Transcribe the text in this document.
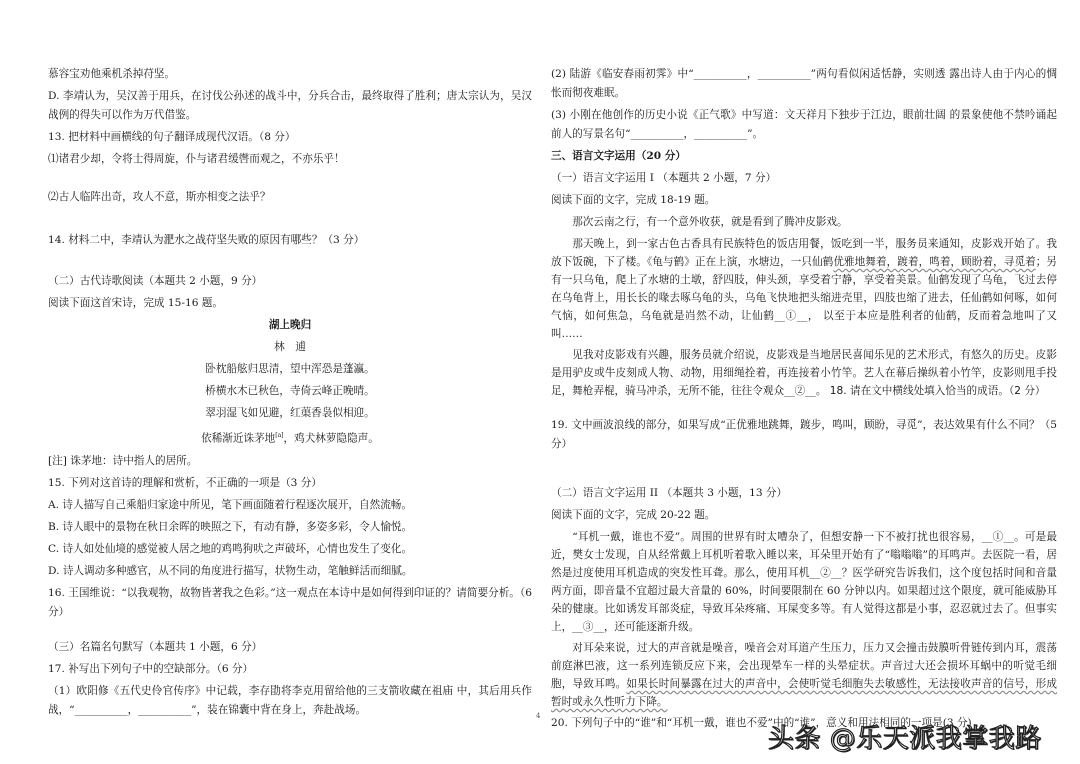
慕容宝劝他乘机杀掉苻坚。
D. 李靖认为，吴汉善于用兵，在讨伐公孙述的战斗中，分兵合击，最终取得了胜利；唐太宗认为，吴汉战例的得失可以作为万代借鉴。
13. 把材料中画横线的句子翻译成现代汉语。（8 分）
⑴诸君少却，令将士得周旋，仆与诸君缓辔而观之，不亦乐乎！
⑵古人临阵出奇，攻人不意，斯亦相变之法乎？
14. 材料二中，李靖认为淝水之战苻坚失败的原因有哪些？（3 分）
（二）古代诗歌阅读（本题共 2 小题，9 分）
阅读下面这首宋诗，完成 15-16 题。
湖上晚归
林　逋
卧枕船舷归思清，望中浑恐是蓬瀛。
桥横水木已秋色，寺倚云峰正晚晴。
翠羽湿飞如见避，红蕖香袅似相迎。
依稀渐近诛茅地[a]，鸡犬林萝隐隐声。
[注] 诛茅地：诗中指人的居所。
15. 下列对这首诗的理解和赏析，不正确的一项是（3 分）
A. 诗人描写自己乘船归家途中所见，笔下画面随着行程逐次展开，自然流畅。
B. 诗人眼中的景物在秋日余晖的映照之下，有动有静，多姿多彩，令人愉悦。
C. 诗人如处仙境的感觉被人居之地的鸡鸣狗吠之声破坏，心情也发生了变化。
D. 诗人调动多种感官，从不同的角度进行描写，状物生动，笔触鲜活而细腻。
16. 王国维说：“以我观物，故物皆著我之色彩。”这一观点在本诗中是如何得到印证的？请简要分析。（6 分）
（三）名篇名句默写（本题共 1 小题，6 分）
17. 补写出下列句子中的空缺部分。（6 分）
（1）欧阳修《五代史伶官传序》中记载，李存勖将李克用留给他的三支箭收藏在祖庙 中，其后用兵作战，“__________，__________”，装在锦囊中背在身上，奔赴战场。
(2) 陆游《临安春雨初霁》中“__________，__________”两句看似闲适恬静，实则透 露出诗人由于内心的惆怅而彻夜难眠。
(3) 小刚在他创作的历史小说《正气歌》中写道：文天祥月下独步于江边，眼前壮阔 的景象使他不禁吟诵起前人的写景名句“__________，__________”。
三、语言文字运用（20 分）
（一）语言文字运用 I （本题共 2 小题，7 分）
阅读下面的文字，完成 18-19 题。
那次云南之行，有一个意外收获，就是看到了腾冲皮影戏。
那天晚上，到一家古色古香具有民族特色的饭店用餐，饭吃到一半，服务员来通知，皮影戏开始了。我放下饭碗，下了楼。《龟与鹤》正在上演，水塘边，一只仙鹤优雅地舞着，踱着，鸣着，顾盼着，寻觅着；另有一只乌龟，爬上了水塘的土墩，舒四肢，伸头颈，享受着宁静，享受着美景。仙鹤发现了乌龟，飞过去停在乌龟背上，用长长的喙去啄乌龟的头，乌龟飞快地把头缩进壳里，四肢也缩了进去，任仙鹤如何啄，如何气恼，如何焦急，乌龟就是岿然不动，让仙鹤__①__， 以至于本应是胜利者的仙鹤，反而着急地叫了又叫……
见我对皮影戏有兴趣，服务员就介绍说，皮影戏是当地居民喜闻乐见的艺术形式，有悠久的历史。皮影是用驴皮或牛皮刻成人物、动物，用细绳拴着，再连接着小竹竿。艺人在幕后操纵着小竹竿，皮影则甩手投足，舞枪弄棍，骑马冲杀，无所不能，往往令观众__②__。 18. 请在文中横线处填入恰当的成语。（2 分）
19. 文中画波浪线的部分，如果写成“正优雅地跳舞，踱步，鸣叫，顾盼，寻觅”，表达效果有什么不同？（5 分）
（二）语言文字运用 II （本题共 3 小题，13 分）
阅读下面的文字，完成 20-22 题。
“耳机一戴，谁也不爱”。周围的世界有时太嘈杂了，但想安静一下不被打扰也很容易，__①__。可是最近，樊女士发现，自从经常戴上耳机听着歌入睡以来，耳朵里开始有了“嗡嗡嗡”的耳鸣声。去医院一看，居然是过度使用耳机造成的突发性耳聋。那么，使用耳机__②__？医学研究告诉我们，这个度包括时间和音量两方面，即音量不宜超过最大音量的 60%，时间要限制在 60 分钟以内。如果超过这个限度，就可能威胁耳朵的健康。比如诱发耳部炎症，导致耳朵疼痛、耳屎变多等。有人觉得这都是小事，忍忍就过去了。但事实上，__③__，还可能逐渐升级。
对耳朵来说，过大的声音就是噪音，噪音会对耳道产生压力，压力又会撞击鼓膜听骨链传到内耳，震荡前庭淋巴液，这一系列连锁反应下来，会出现晕车一样的头晕症状。声音过大还会损坏耳蜗中的听觉毛细胞，导致耳鸣。如果长时间暴露在过大的声音中，会使听觉毛细胞失去敏感性，无法接收声音的信号，形成暂时或永久性听力下降。
20. 下列句子中的“谁”和“耳机一戴，谁也不爱”中的“谁”，意义和用法相同的一项是(3 分)
4
头条 @乐天派我掌我路
